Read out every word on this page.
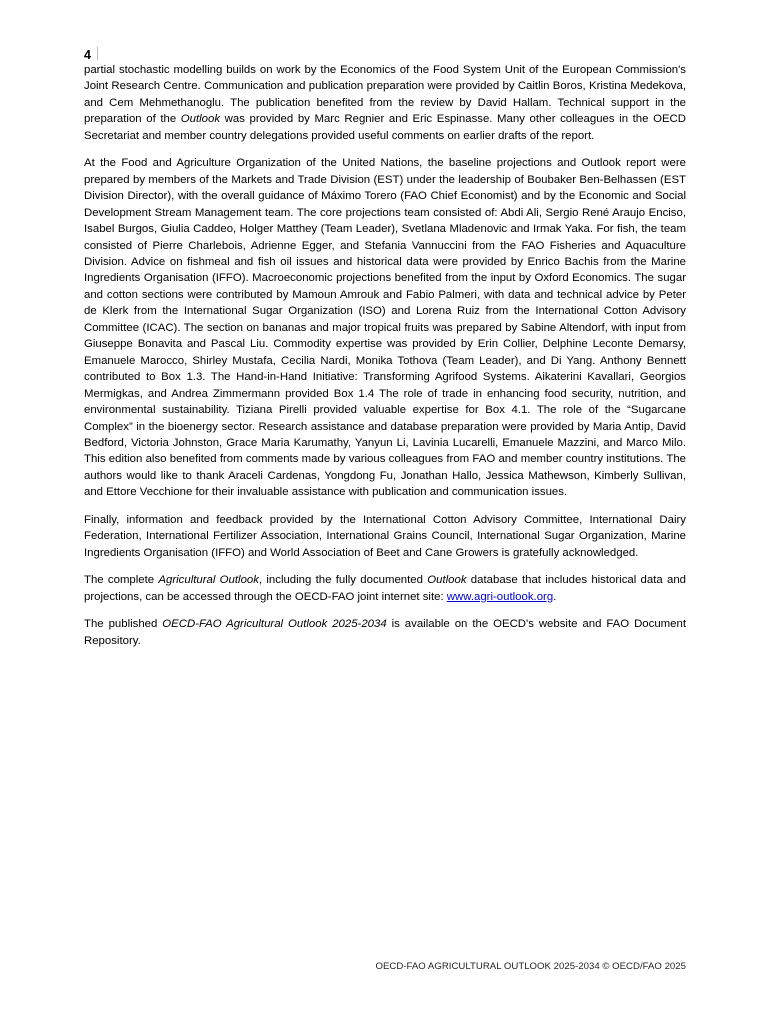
4

partial stochastic modelling builds on work by the Economics of the Food System Unit of the European Commission's Joint Research Centre. Communication and publication preparation were provided by Caitlin Boros, Kristina Medekova, and Cem Mehmethanoglu. The publication benefited from the review by David Hallam. Technical support in the preparation of the Outlook was provided by Marc Regnier and Eric Espinasse. Many other colleagues in the OECD Secretariat and member country delegations provided useful comments on earlier drafts of the report.

At the Food and Agriculture Organization of the United Nations, the baseline projections and Outlook report were prepared by members of the Markets and Trade Division (EST) under the leadership of Boubaker Ben-Belhassen (EST Division Director), with the overall guidance of Máximo Torero (FAO Chief Economist) and by the Economic and Social Development Stream Management team. The core projections team consisted of: Abdi Ali, Sergio René Araujo Enciso, Isabel Burgos, Giulia Caddeo, Holger Matthey (Team Leader), Svetlana Mladenovic and Irmak Yaka. For fish, the team consisted of Pierre Charlebois, Adrienne Egger, and Stefania Vannuccini from the FAO Fisheries and Aquaculture Division. Advice on fishmeal and fish oil issues and historical data were provided by Enrico Bachis from the Marine Ingredients Organisation (IFFO). Macroeconomic projections benefited from the input by Oxford Economics. The sugar and cotton sections were contributed by Mamoun Amrouk and Fabio Palmeri, with data and technical advice by Peter de Klerk from the International Sugar Organization (ISO) and Lorena Ruiz from the International Cotton Advisory Committee (ICAC). The section on bananas and major tropical fruits was prepared by Sabine Altendorf, with input from Giuseppe Bonavita and Pascal Liu. Commodity expertise was provided by Erin Collier, Delphine Leconte Demarsy, Emanuele Marocco, Shirley Mustafa, Cecilia Nardi, Monika Tothova (Team Leader), and Di Yang. Anthony Bennett contributed to Box 1.3. The Hand-in-Hand Initiative: Transforming Agrifood Systems. Aikaterini Kavallari, Georgios Mermigkas, and Andrea Zimmermann provided Box 1.4 The role of trade in enhancing food security, nutrition, and environmental sustainability. Tiziana Pirelli provided valuable expertise for Box 4.1. The role of the “Sugarcane Complex” in the bioenergy sector. Research assistance and database preparation were provided by Maria Antip, David Bedford, Victoria Johnston, Grace Maria Karumathy, Yanyun Li, Lavinia Lucarelli, Emanuele Mazzini, and Marco Milo. This edition also benefited from comments made by various colleagues from FAO and member country institutions. The authors would like to thank Araceli Cardenas, Yongdong Fu, Jonathan Hallo, Jessica Mathewson, Kimberly Sullivan, and Ettore Vecchione for their invaluable assistance with publication and communication issues.

Finally, information and feedback provided by the International Cotton Advisory Committee, International Dairy Federation, International Fertilizer Association, International Grains Council, International Sugar Organization, Marine Ingredients Organisation (IFFO) and World Association of Beet and Cane Growers is gratefully acknowledged.

The complete Agricultural Outlook, including the fully documented Outlook database that includes historical data and projections, can be accessed through the OECD-FAO joint internet site: www.agri-outlook.org.

The published OECD-FAO Agricultural Outlook 2025-2034 is available on the OECD's website and FAO Document Repository.

OECD-FAO AGRICULTURAL OUTLOOK 2025-2034 © OECD/FAO 2025
